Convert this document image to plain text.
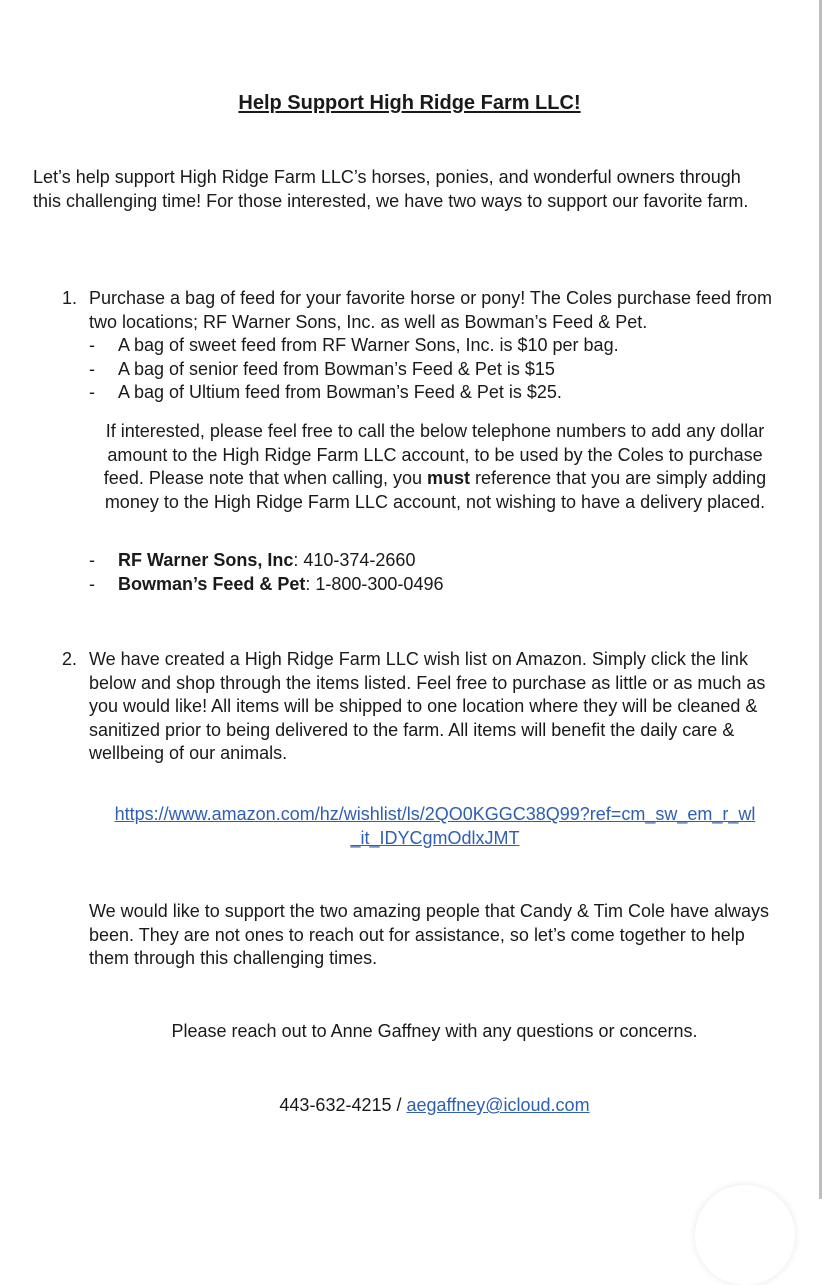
Help Support High Ridge Farm LLC!

Let’s help support High Ridge Farm LLC’s horses, ponies, and wonderful owners through this challenging time! For those interested, we have two ways to support our favorite farm.

1. Purchase a bag of feed for your favorite horse or pony! The Coles purchase feed from two locations; RF Warner Sons, Inc. as well as Bowman’s Feed & Pet.
- A bag of sweet feed from RF Warner Sons, Inc. is $10 per bag.
- A bag of senior feed from Bowman’s Feed & Pet is $15
- A bag of Ultium feed from Bowman’s Feed & Pet is $25.
If interested, please feel free to call the below telephone numbers to add any dollar amount to the High Ridge Farm LLC account, to be used by the Coles to purchase feed. Please note that when calling, you must reference that you are simply adding money to the High Ridge Farm LLC account, not wishing to have a delivery placed.
- RF Warner Sons, Inc: 410-374-2660
- Bowman’s Feed & Pet: 1-800-300-0496
2. We have created a High Ridge Farm LLC wish list on Amazon. Simply click the link below and shop through the items listed. Feel free to purchase as little or as much as you would like! All items will be shipped to one location where they will be cleaned & sanitized prior to being delivered to the farm. All items will benefit the daily care & wellbeing of our animals.
https://www.amazon.com/hz/wishlist/ls/2QO0KGGC38Q99?ref=cm_sw_em_r_wl
_it_IDYCgmOdlxJMT

We would like to support the two amazing people that Candy & Tim Cole have always been. They are not ones to reach out for assistance, so let’s come together to help them through this challenging times.

Please reach out to Anne Gaffney with any questions or concerns.
443-632-4215 / aegaffney@icloud.com
